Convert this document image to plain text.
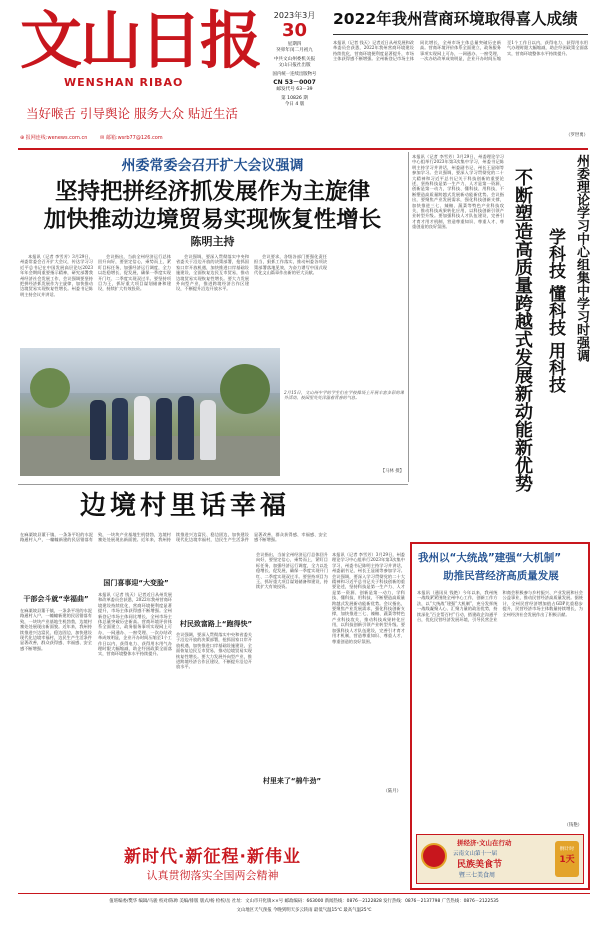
文山日报
WENSHAN RIBAO
当好喉舌 引导舆论 服务大众 贴近生活
2023年3月
30
星期四
癸卯年闰二月初九
中共文山州委机关报
文山日报社出版
国内统一连续出版物号
CN 53－0007
邮发代号 63－39
第 10826 期
今日 4 版
⊕ 报网连线:wenews.com.cn	✉ 邮箱:wsrb77@126.com
2022年我州营商环境取得喜人成绩
本报讯（记者 钱天）记者近日从州发展和改革委员会获悉，2022年我州营商环境建设持续优化，营商环境便利度显著提升，市场主体获得感不断增强。全州新登记市场主体同比增长，全州市场主体总量突破历史新高。营商环境评价体系全面建立，政务服务事项实现网上可办，一网通办、一窗受理、一次办结改革成效明显，企业开办时间压缩至1个工作日以内，获得电力、获得用水用气办理时限大幅缩减，助企纾困政策全面落实，营商环境整体水平持续提升。
（罗世勇）
州委常委会召开扩大会议强调
坚持把拼经济抓发展作为主旋律
加快推动边境贸易实现恢复性增长
陈明主持

本报讯（记者 李雪芳）3月29日，州委常委会召开扩大会议，传达学习习近平总书记在中国发展高层论坛2023年年会期间重要指示精神，研究部署我州经济社会发展工作，会议强调要坚持把拼经济抓发展作为主旋律，加快推动边境贸易实现恢复性增长。州委书记陈明主持会议并讲话。

会议指出，当前全州经济运行总体回升向好，要坚定信心，乘势而上，紧盯目标任务，加强经济运行调度，全力以赴稳增长、促发展，确保一季度实现开门红、二季度实现双过半。要坚持项目为王，抓好重大项目谋划储备和建设，持续扩大有效投资。

会议强调，要深入贯彻落实中央和省委关于沿边开放的决策部署，抢抓国家口岸开放机遇，加快推进口岸基础设施建设，全面恢复边民互市贸易，推动边境贸易实现恢复性增长。要大力发展外向型产业，推进跨境经济合作区建设，不断提升沿边开放水平。

会议要求，各级各部门要强化责任担当，狠抓工作落实，推动州委各项决策部署落地见效，为奋力谱写中国式现代化文山篇章作出新的更大贡献。

2月15日，文山州中学的学生们在学校操场上开展丰富多彩的课外活动，校园里处处洋溢着青春的气息。
【马林 摄】
本报讯（记者 李雪芳）3月29日，州委理论学习中心组举行2023年第3次集中学习，州委书记陈明主持学习并讲话，州委副书记、州长王显刚等参加学习。会议强调，要深入学习贯彻党的二十大精神和习近平总书记关于科技创新的重要论述，坚持科技是第一生产力、人才是第一资源、创新是第一动力，学科技、懂科技、用科技，不断塑造高质量跨越式发展新动能新优势。会议指出，要聚焦产业发展需求，强化科技创新支撑，加快推进三七、辣椒、蔬菜等特色产业科技攻关，推动科技成果转化应用，以科技创新引领产业转型升级。要加强科技人才队伍建设，完善引才育才用才机制，营造尊重知识、尊重人才、尊重创造的良好氛围。	州委理论学习中心组集中学习时强调
学科技 懂科技 用科技
不断塑造高质量跨越式发展新动能新优势
边境村里话幸福
在麻栗坡县董干镇，一条条平坦的水泥路通村入户，一幢幢新建的民居错落有致，一块块产业基地生机勃勃，边境村寨处处展现出新面貌。近年来，我州持续推进兴边富民、稳边固边，加快建设现代化边境幸福村，边民生产生活条件显著改善，群众获得感、幸福感、安全感不断增强。
干部会斗就“幸福曲”
国门喜事迎“大变脸”
村民致富路上“跑得快”
村里来了“棉牛劲”
在麻栗坡县董干镇，一条条平坦的水泥路通村入户，一幢幢新建的民居错落有致，一块块产业基地生机勃勃，边境村寨处处展现出新面貌。近年来，我州持续推进兴边富民、稳边固边，加快建设现代化边境幸福村，边民生产生活条件显著改善，群众获得感、幸福感、安全感不断增强。
本报讯（记者 钱天）记者近日从州发展和改革委员会获悉，2022年我州营商环境建设持续优化，营商环境便利度显著提升，市场主体获得感不断增强。全州新登记市场主体同比增长，全州市场主体总量突破历史新高。营商环境评价体系全面建立，政务服务事项实现网上可办，一网通办、一窗受理、一次办结改革成效明显，企业开办时间压缩至1个工作日以内，获得电力、获得用水用气办理时限大幅缩减，助企纾困政策全面落实，营商环境整体水平持续提升。
会议强调，要深入贯彻落实中央和省委关于沿边开放的决策部署，抢抓国家口岸开放机遇，加快推进口岸基础设施建设，全面恢复边民互市贸易，推动边境贸易实现恢复性增长。要大力发展外向型产业，推进跨境经济合作区建设，不断提升沿边开放水平。
会议指出，当前全州经济运行总体回升向好，要坚定信心，乘势而上，紧盯目标任务，加强经济运行调度，全力以赴稳增长、促发展，确保一季度实现开门红、二季度实现双过半。要坚持项目为王，抓好重大项目谋划储备和建设，持续扩大有效投资。
本报讯（记者 李雪芳）3月29日，州委理论学习中心组举行2023年第3次集中学习，州委书记陈明主持学习并讲话，州委副书记、州长王显刚等参加学习。会议强调，要深入学习贯彻党的二十大精神和习近平总书记关于科技创新的重要论述，坚持科技是第一生产力、人才是第一资源、创新是第一动力，学科技、懂科技、用科技，不断塑造高质量跨越式发展新动能新优势。会议指出，要聚焦产业发展需求，强化科技创新支撑，加快推进三七、辣椒、蔬菜等特色产业科技攻关，推动科技成果转化应用，以科技创新引领产业转型升级。要加强科技人才队伍建设，完善引才育才用才机制，营造尊重知识、尊重人才、尊重创造的良好氛围。
（陆月）
新时代·新征程·新伟业
认真贯彻落实全国两会精神
我州以“大统战”建强“大机制”
助推民营经济高质量发展
本报讯（通讯员 钱艳）今年以来，我州统一战线紧紧围绕全州中心工作，创新工作方法，以“大统战”建强“大机制”，充分发挥统一战线凝聚人心、汇聚力量的政治优势，持续深化“百企帮百村”行动，搭建政企沟通平台，优化民营经济发展环境，引导民营企业和商会积极参与乡村振兴、产业发展和社会公益事业，推动民营经济高质量发展。据统计，全州民营经济增加值占GDP比重稳步提升，民营经济市场主体数量持续增长，为全州经济社会发展作出了积极贡献。
（钱艳）
拼经济·文山在行动
云南文山第十一届
民族美食节
暨三七美食周
倒计时
1天
值班编委/樊华 编辑/马骏 校对/陈帅 美编/排版 版式/杨 检校/岳 社址：文山市开化镇××号 邮政编码：663000 新闻热线：0876－2122828 发行热线：0876－2137798 广告热线：0876－2122535
文山地区天气预报 今晚到明天多云转雨 最低气温15℃ 最高气温25℃
